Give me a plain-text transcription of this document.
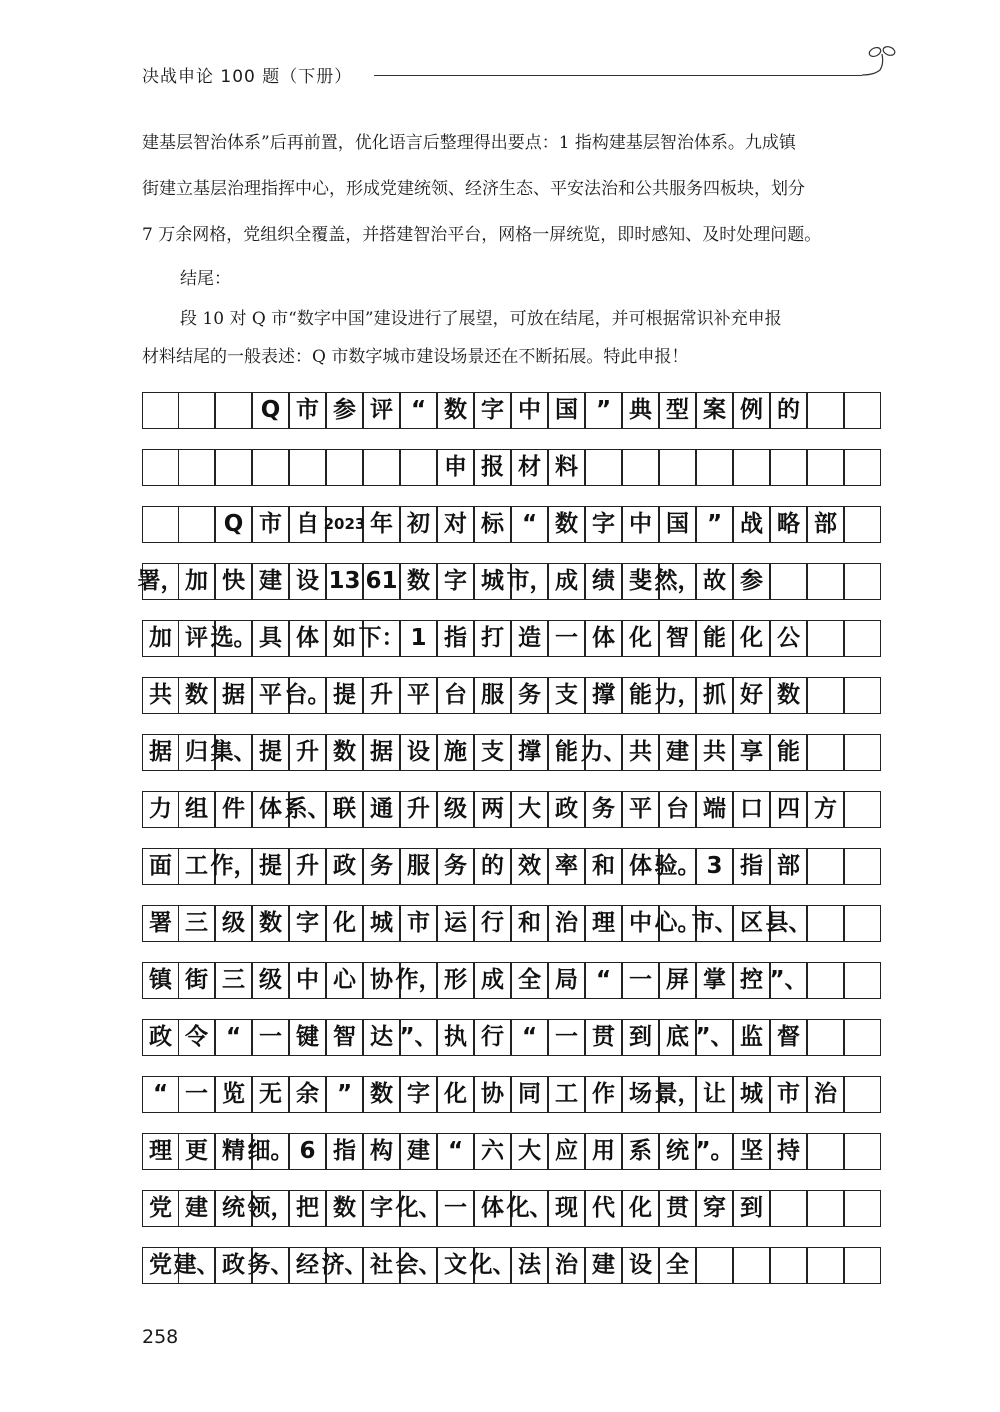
决战申论 100 题（下册）
建基层智治体系”后再前置，优化语言后整理得出要点：1 指构建基层智治体系。九成镇
街建立基层治理指挥中心，形成党建统领、经济生态、平安法治和公共服务四板块，划分
7 万余网格，党组织全覆盖，并搭建智治平台，网格一屏统览，即时感知、及时处理问题。
结尾：
段 10 对 Q 市“数字中国”建设进行了展望，可放在结尾，并可根据常识补充申报
材料结尾的一般表述：Q 市数字城市建设场景还在不断拓展。特此申报！
Q 市 参 评 “ 数 字 中 国 ” 典 型 案 例 的
申 报 材 料
Q 市 自 2023 年 初 对 标 “ 数 字 中 国 ” 战 略 部
署， 加 快 建 设 13 61 数 字 城 市， 成 绩 斐 然， 故 参
加 评 选。 具 体 如 下： 1 指 打 造 一 体 化 智 能 化 公
共 数 据 平 台。 提 升 平 台 服 务 支 撑 能 力， 抓 好 数
据 归 集、 提 升 数 据 设 施 支 撑 能 力、 共 建 共 享 能
力 组 件 体 系、 联 通 升 级 两 大 政 务 平 台 端 口 四 方
面 工 作， 提 升 政 务 服 务 的 效 率 和 体 验。 3 指 部
署 三 级 数 字 化 城 市 运 行 和 治 理 中 心。
市、 区 县、
镇 街 三 级 中 心 协 作， 形 成 全 局 “ 一 屏 掌 控 ”、
政 令 “ 一 键 智 达 ”、 执 行 “ 一 贯 到 底 ”、 监 督
“ 一 览 无 余 ” 数 字 化 协 同 工 作 场 景， 让 城 市 治
理 更 精 细。 6 指 构 建 “ 六 大 应 用 系 统 ”。 坚 持
党 建 统 领， 把 数 字 化、 一 体 化、 现 代 化 贯 穿 到
党 建、 政 务、 经 济、 社 会、 文 化、 法 治 建 设 全
258
